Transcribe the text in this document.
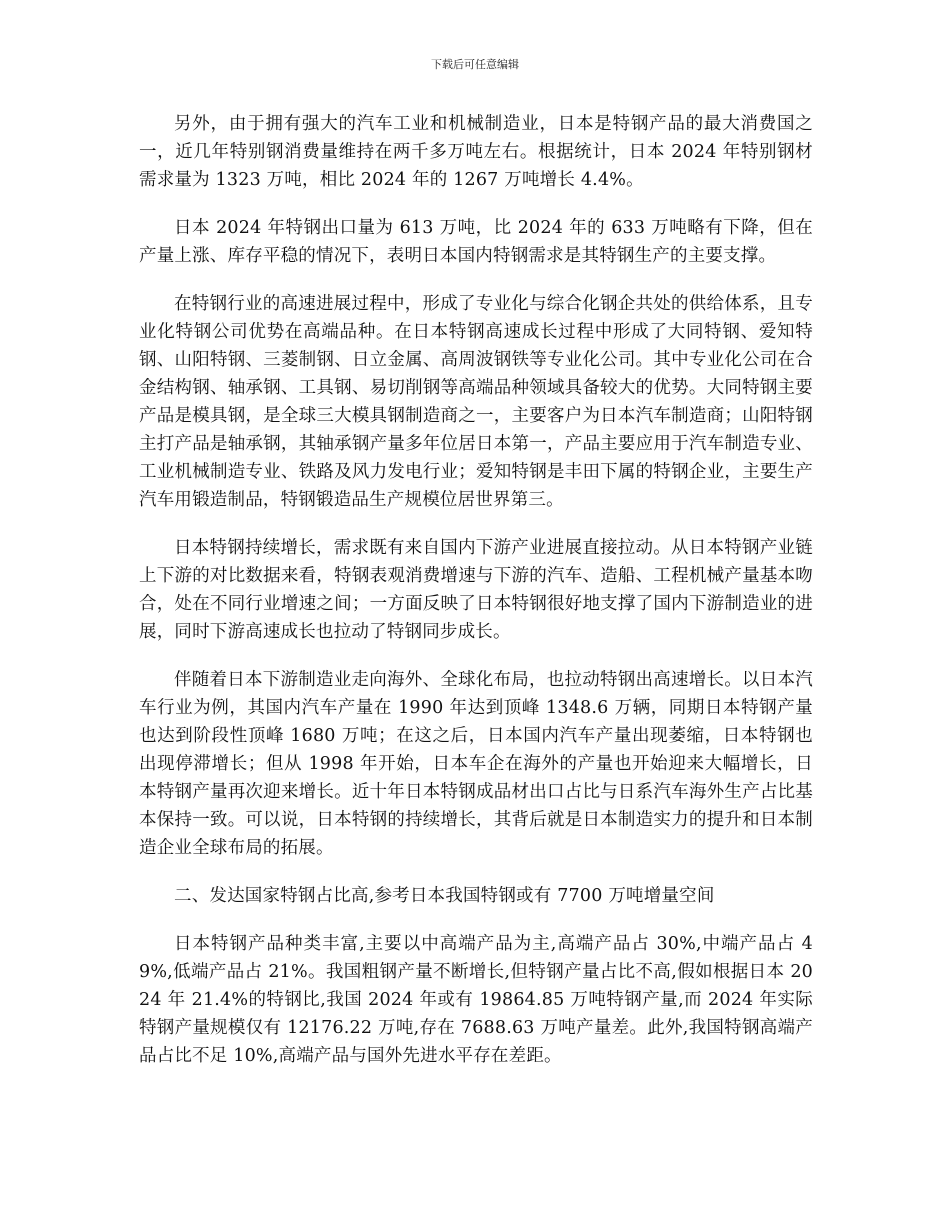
下载后可任意编辑

另外，由于拥有强大的汽车工业和机械制造业，日本是特钢产品的最大消费国之一，近几年特别钢消费量维持在两千多万吨左右。根据统计，日本 2024 年特别钢材需求量为 1323 万吨，相比 2024 年的 1267 万吨增长 4.4%。

日本 2024 年特钢出口量为 613 万吨，比 2024 年的 633 万吨略有下降，但在产量上涨、库存平稳的情况下，表明日本国内特钢需求是其特钢生产的主要支撑。

在特钢行业的高速进展过程中，形成了专业化与综合化钢企共处的供给体系，且专业化特钢公司优势在高端品种。在日本特钢高速成长过程中形成了大同特钢、爱知特钢、山阳特钢、三菱制钢、日立金属、高周波钢铁等专业化公司。其中专业化公司在合金结构钢、轴承钢、工具钢、易切削钢等高端品种领域具备较大的优势。大同特钢主要产品是模具钢，是全球三大模具钢制造商之一，主要客户为日本汽车制造商；山阳特钢主打产品是轴承钢，其轴承钢产量多年位居日本第一，产品主要应用于汽车制造专业、工业机械制造专业、铁路及风力发电行业；爱知特钢是丰田下属的特钢企业，主要生产汽车用锻造制品，特钢锻造品生产规模位居世界第三。

日本特钢持续增长，需求既有来自国内下游产业进展直接拉动。从日本特钢产业链上下游的对比数据来看，特钢表观消费增速与下游的汽车、造船、工程机械产量基本吻合，处在不同行业增速之间；一方面反映了日本特钢很好地支撑了国内下游制造业的进展，同时下游高速成长也拉动了特钢同步成长。

伴随着日本下游制造业走向海外、全球化布局，也拉动特钢出高速增长。以日本汽车行业为例，其国内汽车产量在 1990 年达到顶峰 1348.6 万辆，同期日本特钢产量也达到阶段性顶峰 1680 万吨；在这之后，日本国内汽车产量出现萎缩，日本特钢也出现停滞增长；但从 1998 年开始，日本车企在海外的产量也开始迎来大幅增长，日本特钢产量再次迎来增长。近十年日本特钢成品材出口占比与日系汽车海外生产占比基本保持一致。可以说，日本特钢的持续增长，其背后就是日本制造实力的提升和日本制造企业全球布局的拓展。

二、发达国家特钢占比高,参考日本我国特钢或有 7700 万吨增量空间

日本特钢产品种类丰富,主要以中高端产品为主,高端产品占 30%,中端产品占 49%,低端产品占 21%。我国粗钢产量不断增长,但特钢产量占比不高,假如根据日本 2024 年 21.4%的特钢比,我国 2024 年或有 19864.85 万吨特钢产量,而 2024 年实际特钢产量规模仅有 12176.22 万吨,存在 7688.63 万吨产量差。此外,我国特钢高端产品占比不足 10%,高端产品与国外先进水平存在差距。
